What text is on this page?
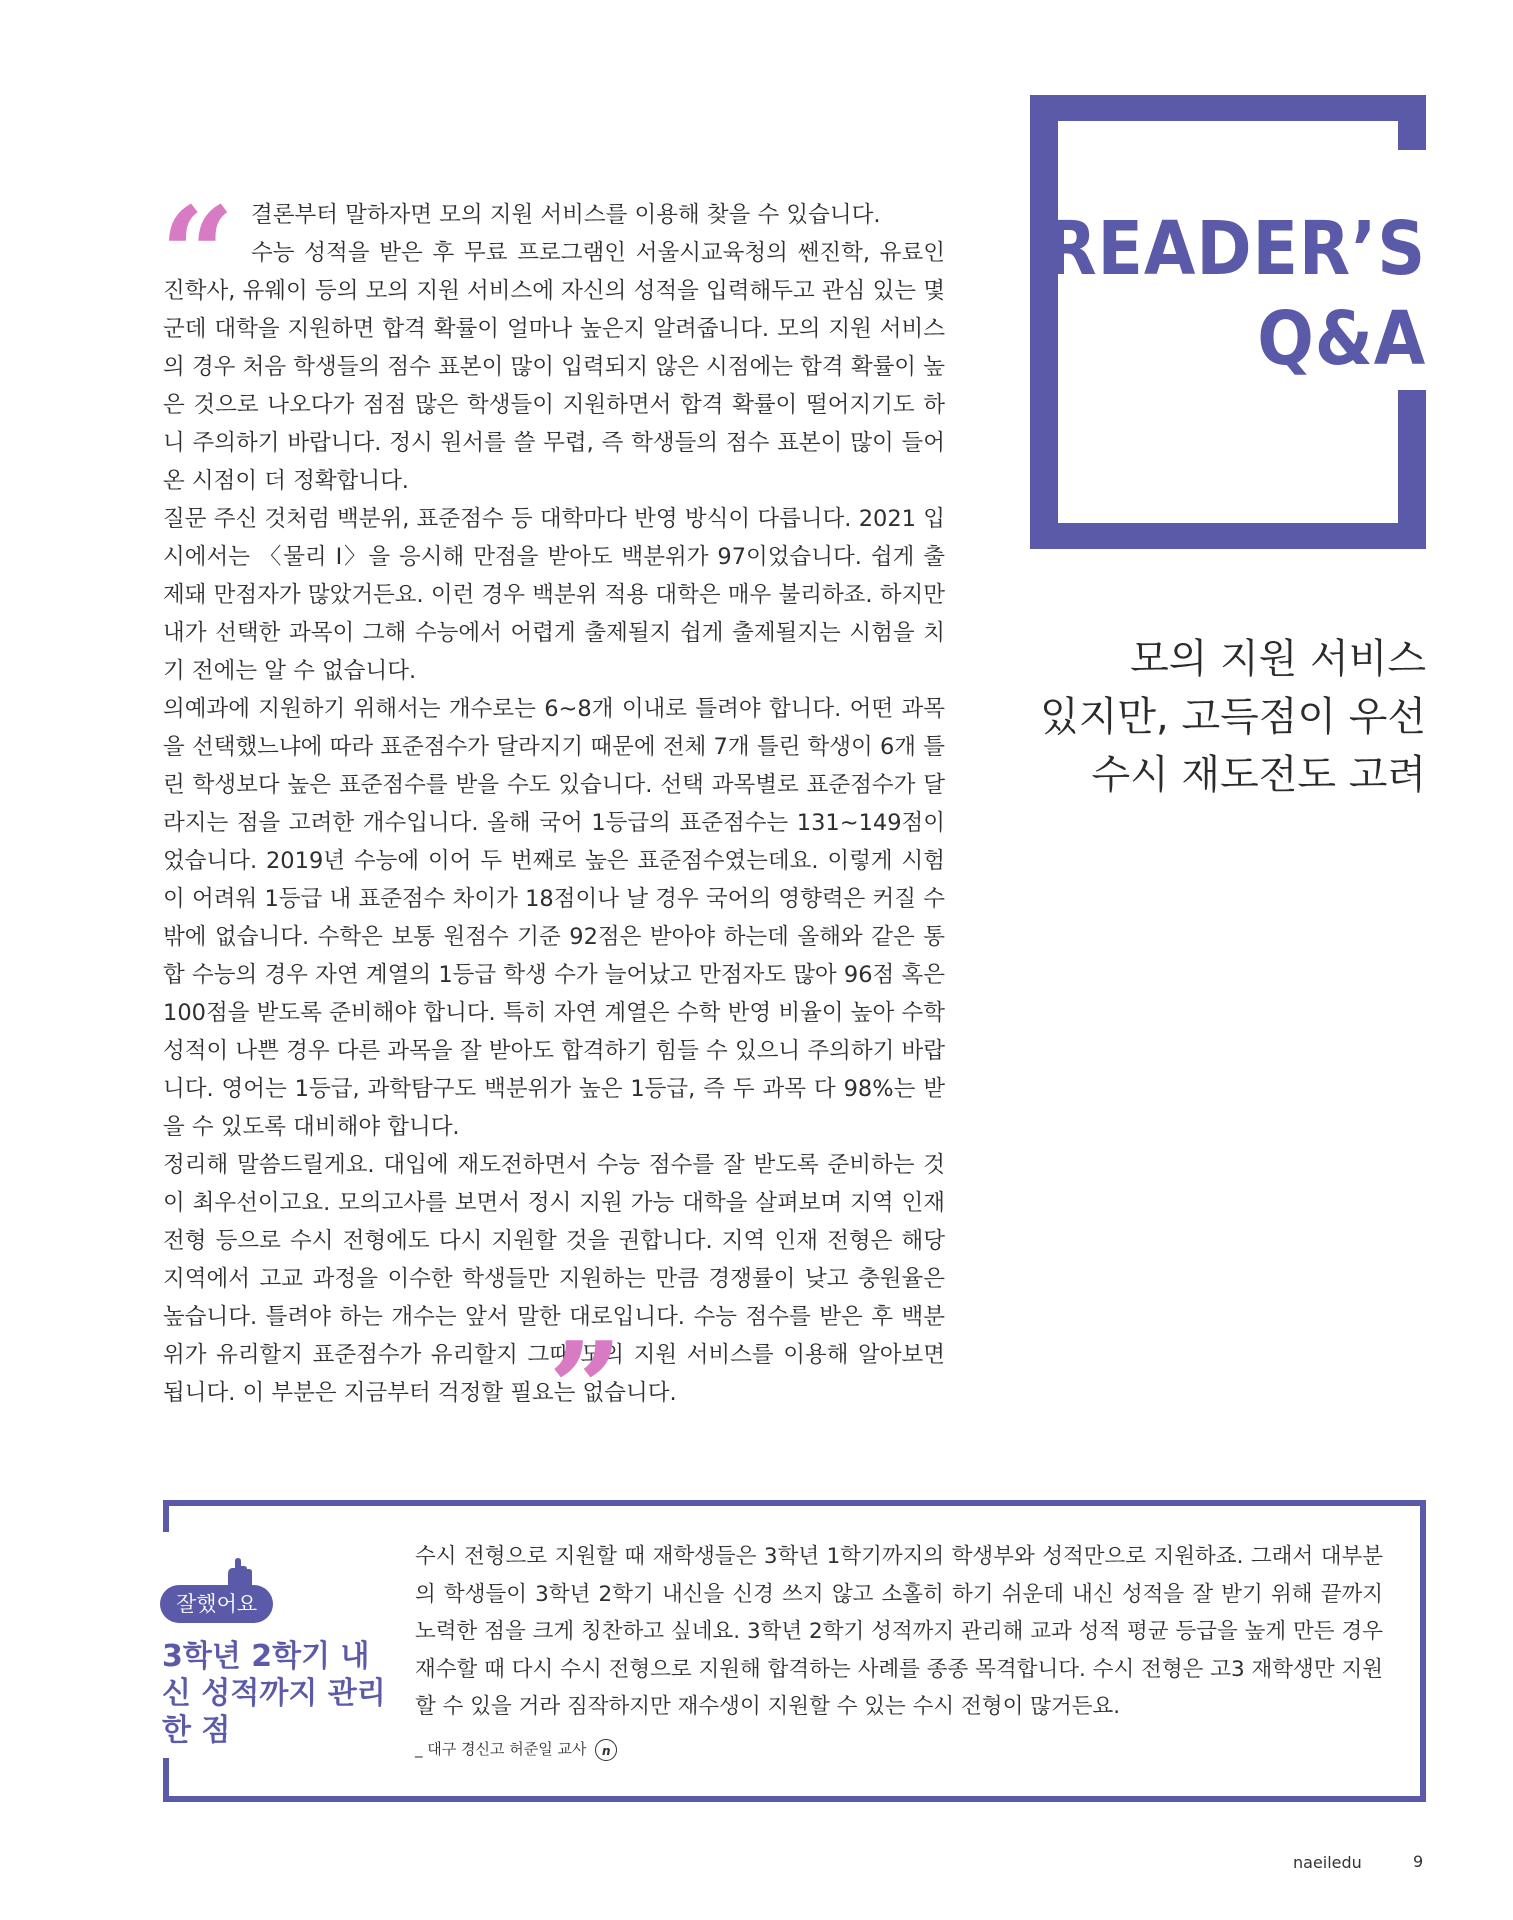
READER’S
Q&A
모의 지원 서비스
있지만, 고득점이 우선
수시 재도전도 고려
“ 결론부터 말하자면 모의 지원 서비스를 이용해 찾을 수 있습니다.

수능 성적을 받은 후 무료 프로그램인 서울시교육청의 쎈진학, 유료인 진학사, 유웨이 등의 모의 지원 서비스에 자신의 성적을 입력해두고 관심 있는 몇 군데 대학을 지원하면 합격 확률이 얼마나 높은지 알려줍니다. 모의 지원 서비스의 경우 처음 학생들의 점수 표본이 많이 입력되지 않은 시점에는 합격 확률이 높은 것으로 나오다가 점점 많은 학생들이 지원하면서 합격 확률이 떨어지기도 하니 주의하기 바랍니다. 정시 원서를 쓸 무렵, 즉 학생들의 점수 표본이 많이 들어온 시점이 더 정확합니다.

질문 주신 것처럼 백분위, 표준점수 등 대학마다 반영 방식이 다릅니다. 2021 입시에서는 〈물리 Ⅰ〉을 응시해 만점을 받아도 백분위가 97이었습니다. 쉽게 출제돼 만점자가 많았거든요. 이런 경우 백분위 적용 대학은 매우 불리하죠. 하지만 내가 선택한 과목이 그해 수능에서 어렵게 출제될지 쉽게 출제될지는 시험을 치기 전에는 알 수 없습니다.

의예과에 지원하기 위해서는 개수로는 6~8개 이내로 틀려야 합니다. 어떤 과목을 선택했느냐에 따라 표준점수가 달라지기 때문에 전체 7개 틀린 학생이 6개 틀린 학생보다 높은 표준점수를 받을 수도 있습니다. 선택 과목별로 표준점수가 달라지는 점을 고려한 개수입니다. 올해 국어 1등급의 표준점수는 131~149점이었습니다. 2019년 수능에 이어 두 번째로 높은 표준점수였는데요. 이렇게 시험이 어려워 1등급 내 표준점수 차이가 18점이나 날 경우 국어의 영향력은 커질 수밖에 없습니다. 수학은 보통 원점수 기준 92점은 받아야 하는데 올해와 같은 통합 수능의 경우 자연 계열의 1등급 학생 수가 늘어났고 만점자도 많아 96점 혹은 100점을 받도록 준비해야 합니다. 특히 자연 계열은 수학 반영 비율이 높아 수학 성적이 나쁜 경우 다른 과목을 잘 받아도 합격하기 힘들 수 있으니 주의하기 바랍니다. 영어는 1등급, 과학탐구도 백분위가 높은 1등급, 즉 두 과목 다 98%는 받을 수 있도록 대비해야 합니다.

정리해 말씀드릴게요. 대입에 재도전하면서 수능 점수를 잘 받도록 준비하는 것이 최우선이고요. 모의고사를 보면서 정시 지원 가능 대학을 살펴보며 지역 인재 전형 등으로 수시 전형에도 다시 지원할 것을 권합니다. 지역 인재 전형은 해당 지역에서 고교 과정을 이수한 학생들만 지원하는 만큼 경쟁률이 낮고 충원율은 높습니다. 틀려야 하는 개수는 앞서 말한 대로입니다. 수능 점수를 받은 후 백분위가 유리할지 표준점수가 유리할지 그때 모의 지원 서비스를 이용해 알아보면 됩니다. 이 부분은 지금부터 걱정할 필요는 없습니다.

”
잘했어요
3학년 2학기 내신 성적까지 관리한 점
수시 전형으로 지원할 때 재학생들은 3학년 1학기까지의 학생부와 성적만으로 지원하죠. 그래서 대부분의 학생들이 3학년 2학기 내신을 신경 쓰지 않고 소홀히 하기 쉬운데 내신 성적을 잘 받기 위해 끝까지 노력한 점을 크게 칭찬하고 싶네요. 3학년 2학기 성적까지 관리해 교과 성적 평균 등급을 높게 만든 경우 재수할 때 다시 수시 전형으로 지원해 합격하는 사례를 종종 목격합니다. 수시 전형은 고3 재학생만 지원할 수 있을 거라 짐작하지만 재수생이 지원할 수 있는 수시 전형이 많거든요.
_ 대구 경신고 허준일 교사 n
naeiledu	9
